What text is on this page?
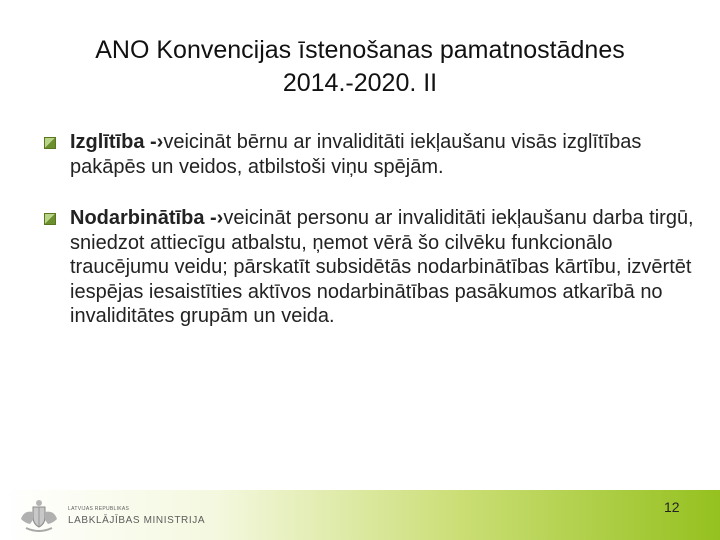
ANO Konvencijas īstenošanas pamatnostādnes
2014.-2020. II
Izglītība -›veicināt bērnu ar invaliditāti iekļaušanu visās izglītības pakāpēs un veidos, atbilstoši viņu spējām.
Nodarbinātība -›veicināt personu ar invaliditāti iekļaušanu darba tirgū, sniedzot attiecīgu atbalstu, ņemot vērā šo cilvēku funkcionālo traucējumu veidu; pārskatīt subsidētās nodarbinātības kārtību, izvērtēt iespējas iesaistīties aktīvos nodarbinātības pasākumos atkarībā no invaliditātes grupām un veida.
LATVIJAS REPUBLIKAS
LABKLĀJĪBAS MINISTRIJA
12
